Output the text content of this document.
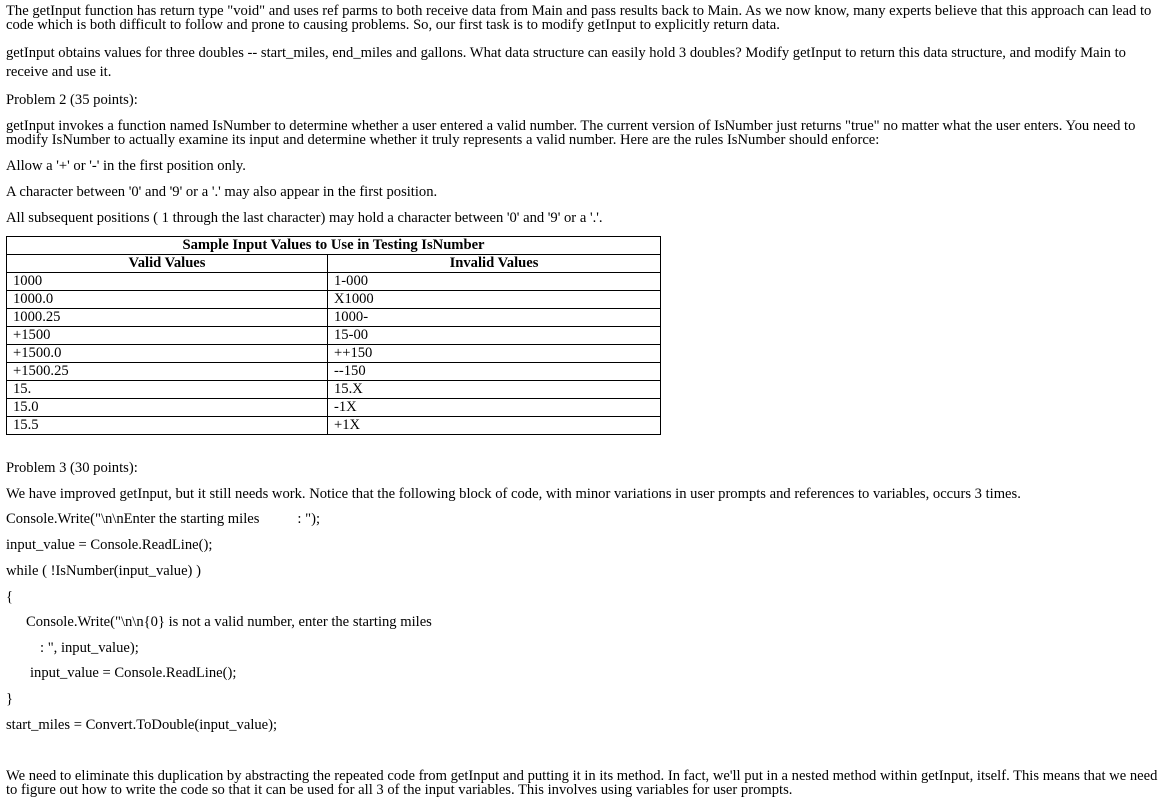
The getInput function has return type "void" and uses ref parms to both receive data from Main and pass results back to Main. As we now know, many experts believe that this approach can lead to code which is both difficult to follow and prone to causing problems. So, our first task is to modify getInput to explicitly return data.

getInput obtains values for three doubles -- start_miles, end_miles and gallons. What data structure can easily hold 3 doubles? Modify getInput to return this data structure, and modify Main to receive and use it.

Problem 2 (35 points):

getInput invokes a function named IsNumber to determine whether a user entered a valid number. The current version of IsNumber just returns "true" no matter what the user enters. You need to modify IsNumber to actually examine its input and determine whether it truly represents a valid number. Here are the rules IsNumber should enforce:

Allow a '+' or '-' in the first position only.

A character between '0' and '9' or a '.' may also appear in the first position.

All subsequent positions ( 1 through the last character) may hold a character between '0' and '9' or a '.'.

Sample Input Values to Use in Testing IsNumber	
Valid Values	Invalid Values
1000	1-000
1000.0	X1000
1000.25	1000-
+1500	15-00
+1500.0	++150
+1500.25	--150
15.	15.X
15.0	-1X
15.5	+1X

Problem 3 (30 points):

We have improved getInput, but it still needs work. Notice that the following block of code, with minor variations in user prompts and references to variables, occurs 3 times.

Console.Write("\n\nEnter the starting miles	: ");

input_value = Console.ReadLine();

while ( !IsNumber(input_value) )

{

Console.Write("\n\n{0} is not a valid number, enter the starting miles

: ", input_value);

input_value = Console.ReadLine();

}

start_miles = Convert.ToDouble(input_value);

We need to eliminate this duplication by abstracting the repeated code from getInput and putting it in its method. In fact, we'll put in a nested method within getInput, itself. This means that we need to figure out how to write the code so that it can be used for all 3 of the input variables. This involves using variables for user prompts.
